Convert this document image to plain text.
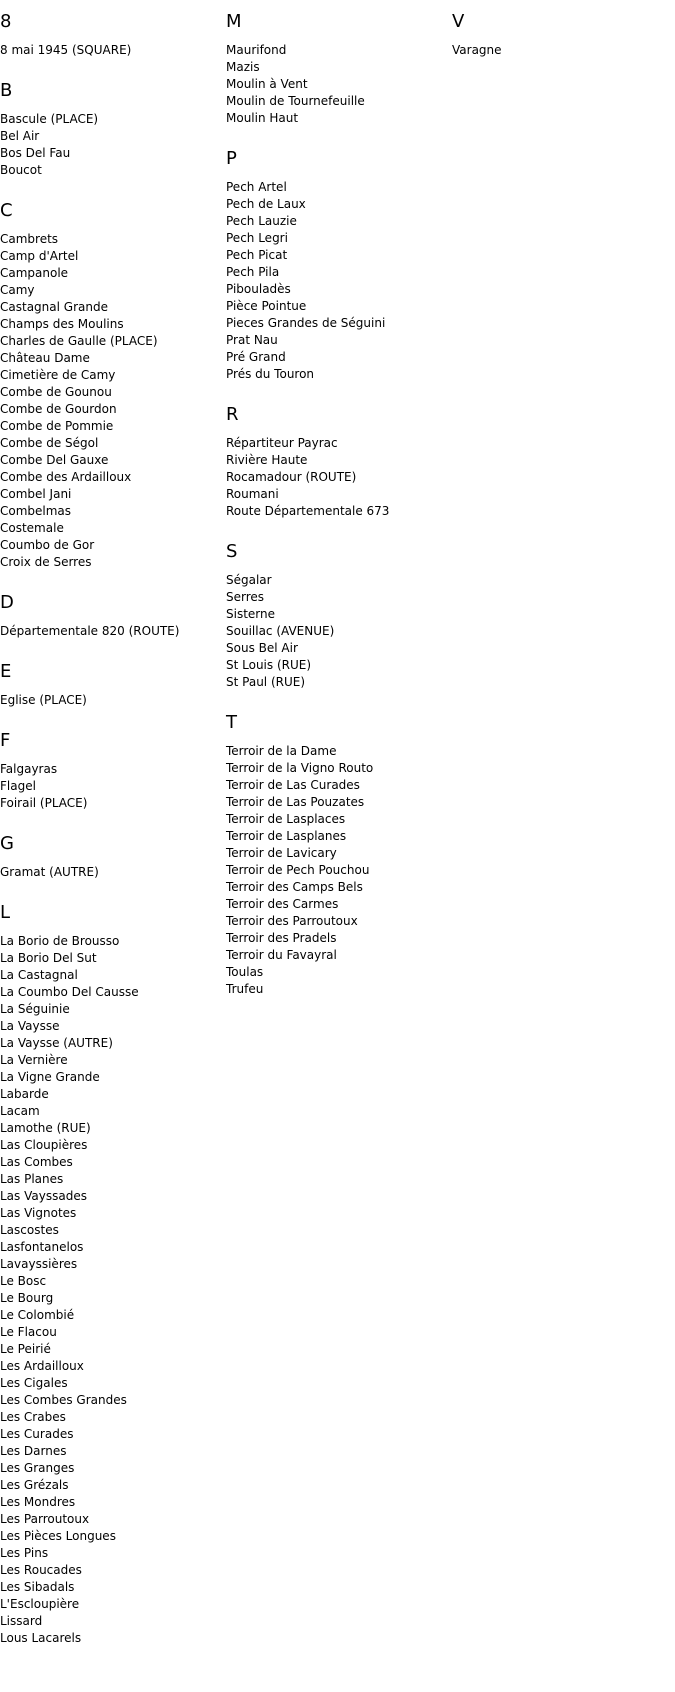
8
8 mai 1945 (SQUARE)
B
Bascule (PLACE)
Bel Air
Bos Del Fau
Boucot
C
Cambrets
Camp d'Artel
Campanole
Camy
Castagnal Grande
Champs des Moulins
Charles de Gaulle (PLACE)
Château Dame
Cimetière de Camy
Combe de Gounou
Combe de Gourdon
Combe de Pommie
Combe de Ségol
Combe Del Gauxe
Combe des Ardailloux
Combel Jani
Combelmas
Costemale
Coumbo de Gor
Croix de Serres
D
Départementale 820 (ROUTE)
E
Eglise (PLACE)
F
Falgayras
Flagel
Foirail (PLACE)
G
Gramat (AUTRE)
L
La Borio de Brousso
La Borio Del Sut
La Castagnal
La Coumbo Del Causse
La Séguinie
La Vaysse
La Vaysse (AUTRE)
La Vernière
La Vigne Grande
Labarde
Lacam
Lamothe (RUE)
Las Cloupières
Las Combes
Las Planes
Las Vayssades
Las Vignotes
Lascostes
Lasfontanelos
Lavayssières
Le Bosc
Le Bourg
Le Colombié
Le Flacou
Le Peirié
Les Ardailloux
Les Cigales
Les Combes Grandes
Les Crabes
Les Curades
Les Darnes
Les Granges
Les Grézals
Les Mondres
Les Parroutoux
Les Pièces Longues
Les Pins
Les Roucades
Les Sibadals
L'Escloupière
Lissard
Lous Lacarels
M
Maurifond
Mazis
Moulin à Vent
Moulin de Tournefeuille
Moulin Haut
P
Pech Artel
Pech de Laux
Pech Lauzie
Pech Legri
Pech Picat
Pech Pila
Pibouladès
Pièce Pointue
Pieces Grandes de Séguini
Prat Nau
Pré Grand
Prés du Touron
R
Répartiteur Payrac
Rivière Haute
Rocamadour (ROUTE)
Roumani
Route Départementale 673
S
Ségalar
Serres
Sisterne
Souillac (AVENUE)
Sous Bel Air
St Louis (RUE)
St Paul (RUE)
T
Terroir de la Dame
Terroir de la Vigno Routo
Terroir de Las Curades
Terroir de Las Pouzates
Terroir de Lasplaces
Terroir de Lasplanes
Terroir de Lavicary
Terroir de Pech Pouchou
Terroir des Camps Bels
Terroir des Carmes
Terroir des Parroutoux
Terroir des Pradels
Terroir du Favayral
Toulas
Trufeu
V
Varagne
